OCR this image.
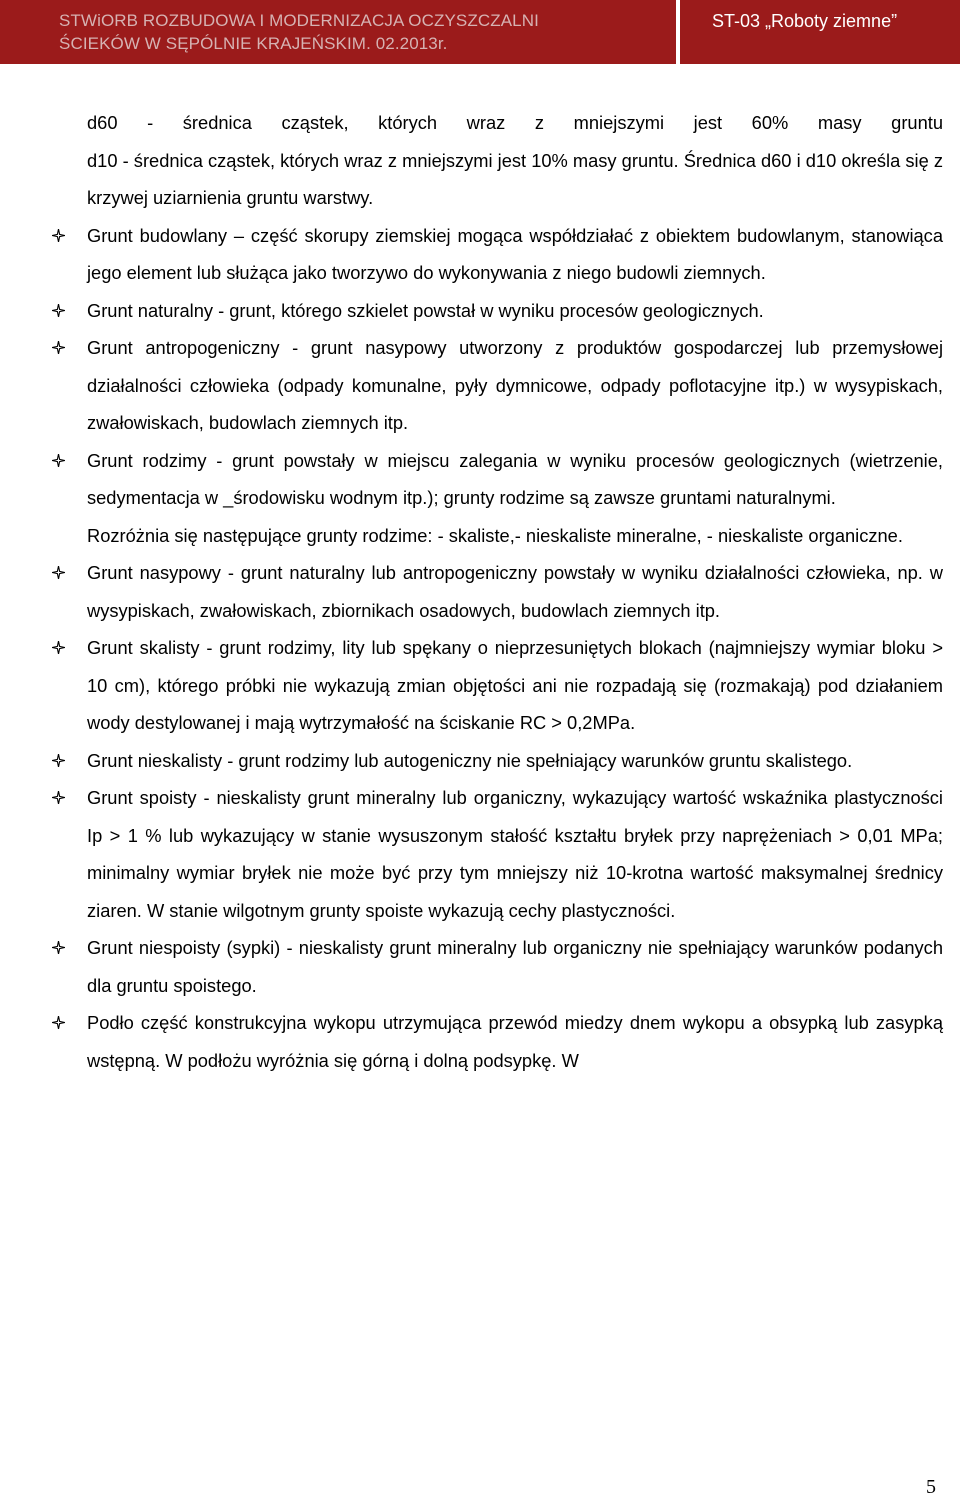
STWiORB ROZBUDOWA I MODERNIZACJA OCZYSZCZALNI
ŚCIEKÓW W SĘPÓLNIE KRAJEŃSKIM. 02.2013r.
ST-03 „Roboty ziemne”

d60 - średnica cząstek, których wraz z mniejszymi jest 60% masy gruntu

d10 - średnica cząstek, których wraz z mniejszymi jest 10% masy gruntu. Średnica d60 i d10 określa się z krzywej uziarnienia gruntu warstwy.

Grunt budowlany – część skorupy ziemskiej mogąca współdziałać z obiektem budowlanym, stanowiąca jego element lub służąca jako tworzywo do wykonywania z niego budowli ziemnych.
Grunt naturalny - grunt, którego szkielet powstał w wyniku procesów geologicznych.
Grunt antropogeniczny - grunt nasypowy utworzony z produktów gospodarczej lub przemysłowej działalności człowieka (odpady komunalne, pyły dymnicowe, odpady poflotacyjne itp.) w wysypiskach, zwałowiskach, budowlach ziemnych itp.
Grunt rodzimy - grunt powstały w miejscu zalegania w wyniku procesów geologicznych (wietrzenie, sedymentacja w _środowisku wodnym itp.); grunty rodzime są zawsze gruntami naturalnymi.

Rozróżnia się następujące grunty rodzime: - skaliste,- nieskaliste mineralne, - nieskaliste organiczne.

Grunt nasypowy - grunt naturalny lub antropogeniczny powstały w wyniku działalności człowieka, np. w wysypiskach, zwałowiskach, zbiornikach osadowych, budowlach ziemnych itp.
Grunt skalisty - grunt rodzimy, lity lub spękany o nieprzesuniętych blokach (najmniejszy wymiar bloku > 10 cm), którego próbki nie wykazują zmian objętości ani nie rozpadają się (rozmakają) pod działaniem wody destylowanej i mają wytrzymałość na ściskanie RC > 0,2MPa.
Grunt nieskalisty - grunt rodzimy lub autogeniczny nie spełniający warunków gruntu skalistego.
Grunt spoisty - nieskalisty grunt mineralny lub organiczny, wykazujący wartość wskaźnika plastyczności Ip > 1 % lub wykazujący w stanie wysuszonym stałość kształtu bryłek przy naprężeniach > 0,01 MPa; minimalny wymiar bryłek nie może być przy tym mniejszy niż 10-krotna wartość maksymalnej średnicy ziaren. W stanie wilgotnym grunty spoiste wykazują cechy plastyczności.
Grunt niespoisty (sypki) - nieskalisty grunt mineralny lub organiczny nie spełniający warunków podanych dla gruntu spoistego.
Podło część konstrukcyjna wykopu utrzymująca przewód miedzy dnem wykopu a obsypką lub zasypką wstępną. W podłożu wyróżnia się górną i dolną podsypkę. W
5
